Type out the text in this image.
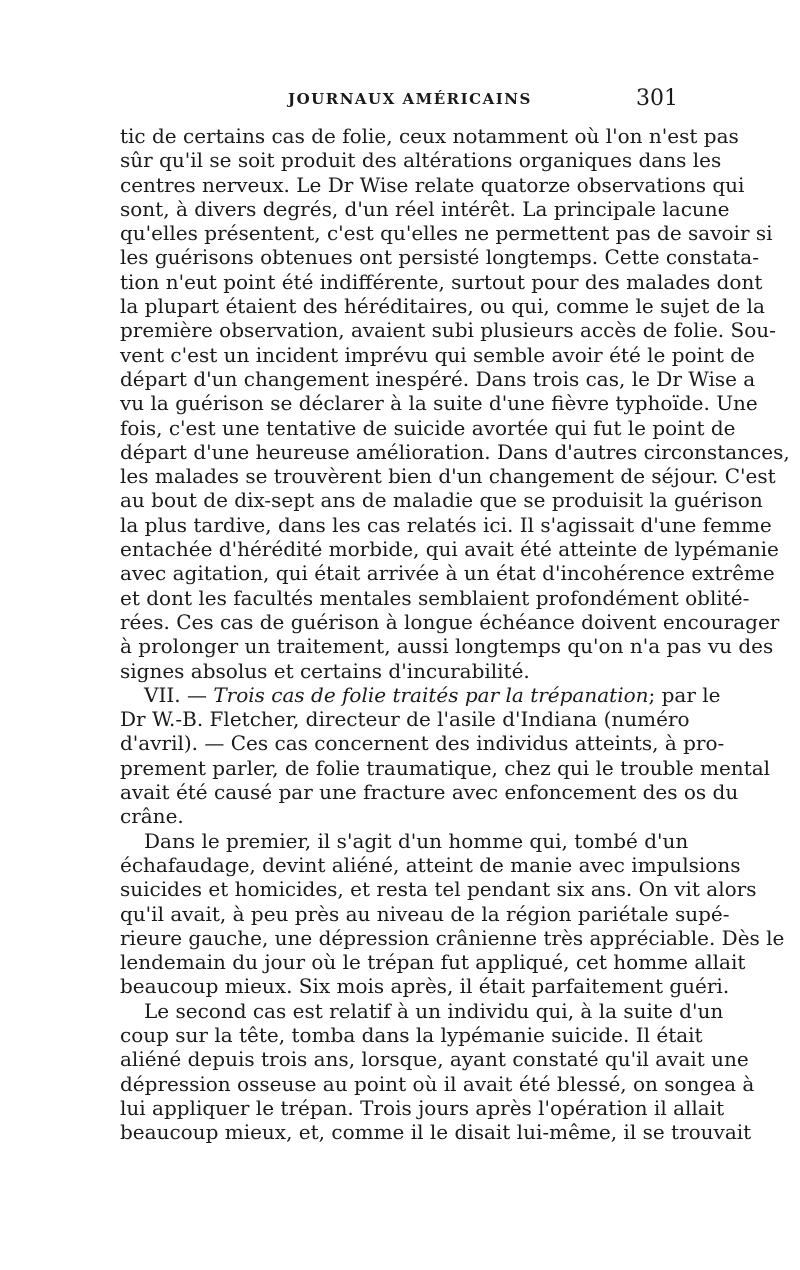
JOURNAUX AMÉRICAINS	301
tic de certains cas de folie, ceux notamment où l'on n'est pas
sûr qu'il se soit produit des altérations organiques dans les
centres nerveux. Le Dr Wise relate quatorze observations qui
sont, à divers degrés, d'un réel intérêt. La principale lacune
qu'elles présentent, c'est qu'elles ne permettent pas de savoir si
les guérisons obtenues ont persisté longtemps. Cette constata-
tion n'eut point été indifférente, surtout pour des malades dont
la plupart étaient des héréditaires, ou qui, comme le sujet de la
première observation, avaient subi plusieurs accès de folie. Sou-
vent c'est un incident imprévu qui semble avoir été le point de
départ d'un changement inespéré. Dans trois cas, le Dr Wise a
vu la guérison se déclarer à la suite d'une fièvre typhoïde. Une
fois, c'est une tentative de suicide avortée qui fut le point de
départ d'une heureuse amélioration. Dans d'autres circonstances,
les malades se trouvèrent bien d'un changement de séjour. C'est
au bout de dix-sept ans de maladie que se produisit la guérison
la plus tardive, dans les cas relatés ici. Il s'agissait d'une femme
entachée d'hérédité morbide, qui avait été atteinte de lypémanie
avec agitation, qui était arrivée à un état d'incohérence extrême
et dont les facultés mentales semblaient profondément oblité-
rées. Ces cas de guérison à longue échéance doivent encourager
à prolonger un traitement, aussi longtemps qu'on n'a pas vu des
signes absolus et certains d'incurabilité.
VII. — Trois cas de folie traités par la trépanation; par le
Dr W.-B. Fletcher, directeur de l'asile d'Indiana (numéro
d'avril). — Ces cas concernent des individus atteints, à pro-
prement parler, de folie traumatique, chez qui le trouble mental
avait été causé par une fracture avec enfoncement des os du
crâne.
Dans le premier, il s'agit d'un homme qui, tombé d'un
échafaudage, devint aliéné, atteint de manie avec impulsions
suicides et homicides, et resta tel pendant six ans. On vit alors
qu'il avait, à peu près au niveau de la région pariétale supé-
rieure gauche, une dépression crânienne très appréciable. Dès le
lendemain du jour où le trépan fut appliqué, cet homme allait
beaucoup mieux. Six mois après, il était parfaitement guéri.
Le second cas est relatif à un individu qui, à la suite d'un
coup sur la tête, tomba dans la lypémanie suicide. Il était
aliéné depuis trois ans, lorsque, ayant constaté qu'il avait une
dépression osseuse au point où il avait été blessé, on songea à
lui appliquer le trépan. Trois jours après l'opération il allait
beaucoup mieux, et, comme il le disait lui-même, il se trouvait
